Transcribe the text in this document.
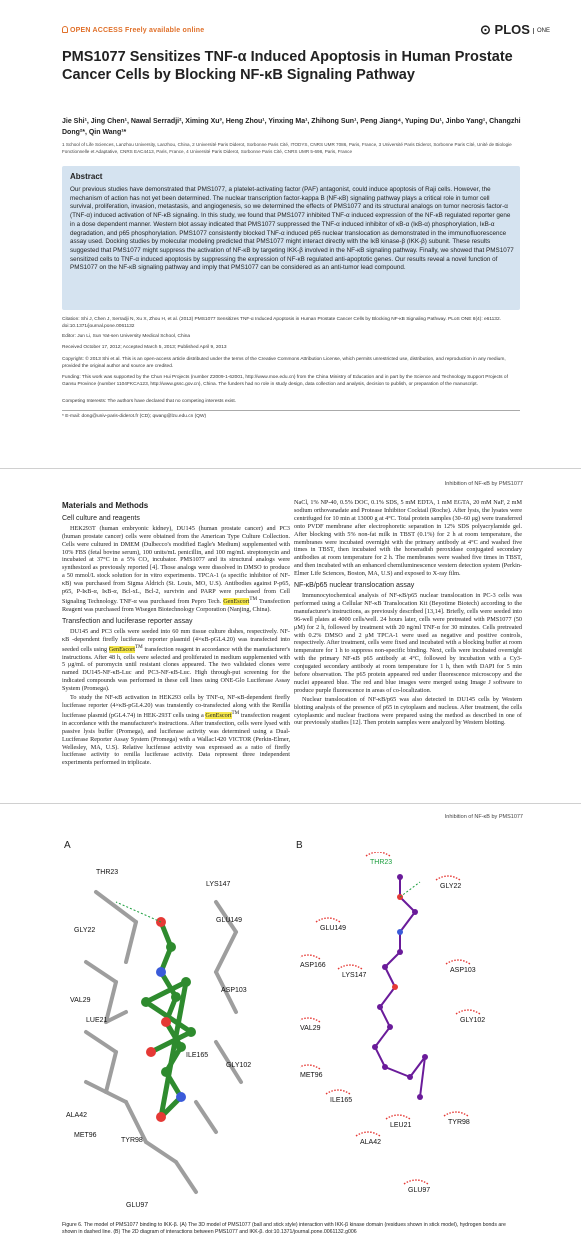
OPEN ACCESS Freely available online	⊙ PLOS ONE
PMS1077 Sensitizes TNF-α Induced Apoptosis in Human Prostate Cancer Cells by Blocking NF-κB Signaling Pathway
Jie Shi¹, Jing Chen¹, Nawal Serradji², Ximing Xu³, Heng Zhou¹, Yinxing Ma¹, Zhihong Sun¹, Peng Jiang⁴, Yuping Du¹, Jinbo Yang¹, Changzhi Dong²*, Qin Wang¹*
1 School of Life Sciences, Lanzhou University, Lanzhou, China, 2 Université Paris Diderot, Sorbonne Paris Cité, ITODYS, CNRS UMR 7086, Paris, France, 3 Université Paris Diderot, Sorbonne Paris Cité, Unité de Biologie Fonctionnelle et Adaptative, CNRS EAC4413, Paris, France, 4 Université Paris Diderot, Sorbonne Paris Cité, CNRS UMR 5-698, Paris, France
Abstract
Our previous studies have demonstrated that PMS1077, a platelet-activating factor (PAF) antagonist, could induce apoptosis of Raji cells. However, the mechanism of action has not yet been determined. The nuclear transcription factor-kappa B (NF-κB) signaling pathway plays a critical role in tumor cell survival, proliferation, invasion, metastasis, and angiogenesis, so we determined the effects of PMS1077 and its structural analogs on tumor necrosis factor-α (TNF-α) induced activation of NF-κB signaling. In this study, we found that PMS1077 inhibited TNF-α induced expression of the NF-κB regulated reporter gene in a dose dependent manner. Western blot assay indicated that PMS1077 suppressed the TNF-α induced inhibitor of κB-α (IκB-α) phosphorylation, IκB-α degradation, and p65 phosphorylation. PMS1077 consistently blocked TNF-α induced p65 nuclear translocation as demonstrated in the immunofluorescence assay used. Docking studies by molecular modeling predicted that PMS1077 might interact directly with the IκB kinase-β (IKK-β) subunit. These results suggested that PMS1077 might suppress the activation of NF-κB by targeting IKK-β involved in the NF-κB signaling pathway. Finally, we showed that PMS1077 sensitized cells to TNF-α induced apoptosis by suppressing the expression of NF-κB regulated anti-apoptotic genes. Our results reveal a novel function of PMS1077 on the NF-κB signaling pathway and imply that PMS1077 can be considered as an anti-tumor lead compound.
Citation: Shi J, Chen J, Serradji N, Xu X, Zhou H, et al. (2013) PMS1077 Sensitizes TNF-α Induced Apoptosis in Human Prostate Cancer Cells by Blocking NF-κB Signaling Pathway. PLoS ONE 8(4): e61132. doi:10.1371/journal.pone.0061132
Editor: Jun Li, Sun Yat-sen University Medical School, China
Received October 17, 2012; Accepted March 5, 2013; Published April 9, 2013
Copyright: © 2013 Shi et al. This is an open-access article distributed under the terms of the Creative Commons Attribution License, which permits unrestricted use, distribution, and reproduction in any medium, provided the original author and source are credited.
Funding: This work was supported by the Chun Hui Projects (number Z2009-1-62001, http://www.moe.edu.cn) from the China Ministry of Education and in part by the Science and Technology Support Projects of Gansu Province (number 1104FKCA123, http://www.gssc.gov.cn), China. The funders had no role in study design, data collection and analysis, decision to publish, or preparation of the manuscript.
Competing Interests: The authors have declared that no competing interests exist.
* E-mail: dong@univ-paris-diderot.fr (CD); qwang@lzu.edu.cn (QW)
Inhibition of NF-κB by PMS1077
Materials and Methods
Cell culture and reagents

HEK293T (human embryonic kidney), DU145 (human prostate cancer) and PC3 (human prostate cancer) cells were obtained from the American Type Culture Collection. Cells were cultured in DMEM (Dulbecco's modified Eagle's Medium) supplemented with 10% FBS (fetal bovine serum), 100 units/mL penicillin, and 100 mg/mL streptomycin and incubated at 37°C in a 5% CO₂ incubator. PMS1077 and its structural analogs were synthesized as previously reported [4]. Those analogs were dissolved in DMSO to produce a 50 mmol/L stock solution for in vitro experiments. TPCA-1 (a specific inhibitor of NF-κB) was purchased from Sigma Aldrich (St. Louis, MO, U.S). Antibodies against P-p65, p65, P-IκB-α, IκB-α, Bcl-xL, Bcl-2, survivin and PARP were purchased from Cell Signaling Technology. TNF-α was purchased from Pepro Tech. GenEscort™ Transfection Reagent was purchased from Wisegen Biotechnology Corporation (Nanjing, China).

Transfection and luciferase reporter assay

DU145 and PC3 cells were seeded into 60 mm tissue culture dishes, respectively. NF-κB -dependent firefly luciferase reporter plasmid (4×κB-pGL4.20) was transfected into seeded cells using GenEscort™ transfection reagent in accordance with the manufacturer's instructions. After 48 h, cells were selected and proliferated in medium supplemented with 5 μg/mL of puromycin until resistant clones appeared. The two validated clones were named DU145-NF-κB-Luc and PC3-NF-κB-Luc. High through-put screening for the indicated compounds was performed in these cell lines using ONE-Glo Luciferase Assay System (Promega).

To study the NF-κB activation in HEK293 cells by TNF-α, NF-κB-dependent firefly luciferase reporter (4×κB-pGL4.20) was transiently co-transfected along with the Renilla luciferase plasmid (pGL4.74) in HEK-293T cells using a GenEscort™ transfection reagent in accordance with the manufacturer's instructions. After transfection, cells were lysed with passive lysis buffer (Promega), and luciferase activity was determined using a Dual-Luciferase Reporter Assay System (Promega) with a Wallac1420 VICTOR (Perkin-Elmer, Wellesley, MA, U.S). Relative luciferase activity was expressed as a ratio of firefly luciferase activity to renilla luciferase activity. Data represent three independent experiments performed in triplicate.

NaCl, 1% NP-40, 0.5% DOC, 0.1% SDS, 5 mM EDTA, 1 mM EGTA, 20 mM NaF, 2 mM sodium orthovanadate and Protease Inhibitor Cocktail (Roche). After lysis, the lysates were centrifuged for 10 min at 13000 g at 4°C. Total protein samples (30–60 μg) were transferred onto PVDF membrane after electrophoretic separation in 12% SDS polyacrylamide gel. After blocking with 5% non-fat milk in TBST (0.1%) for 2 h at room temperature, the membranes were incubated overnight with the primary antibody at 4°C and washed five times in TBST, then incubated with the horseradish peroxidase conjugated secondary antibodies at room temperature for 2 h. The membranes were washed five times in TBST, and then incubated with an enhanced chemiluminescence western detection system (Perkin-Elmer Life Sciences, Boston, MA, U.S) and exposed to X-ray film.

NF-κB/p65 nuclear translocation assay

Immunocytochemical analysis of NF-κB/p65 nuclear translocation in PC-3 cells was performed using a Cellular NF-κB Translocation Kit (Beyotime Biotech) according to the manufacturer's instructions, as previously described [13,14]. Briefly, cells were seeded into 96-well plates at 4000 cells/well. 24 hours later, cells were pretreated with PMS1077 (50 μM) for 2 h, followed by treatment with 20 ng/ml TNF-α for 30 minutes. Cells pretreated with 0.2% DMSO and 2 μM TPCA-1 were used as negative and positive controls, respectively. After treatment, cells were fixed and incubated with a blocking buffer at room temperature for 1 h to suppress non-specific binding. Next, cells were incubated overnight with the primary NF-κB p65 antibody at 4°C, followed by incubation with a Cy3-conjugated secondary antibody at room temperature for 1 h, then with DAPI for 5 min before observation. The p65 protein appeared red under fluorescence microscopy and the nuclei appeared blue. The red and blue images were merged using Image J software to produce purple fluorescence in areas of co-localization.

Nuclear translocation of NF-κB/p65 was also detected in DU145 cells by Western blotting analysis of the presence of p65 in cytoplasm and nucleus. After treatment, the cells cytoplasmic and nuclear fractions were prepared using the method as described in one of our previously studies [12]. Then protein samples were analyzed by Western blotting.

Inhibition of NF-κB by PMS1077
A	B
THR23
LYS147
GLY22
GLU149
VAL29
LUE21
ASP103
ILE165
GLY102
ALA42
MET96
TYR98
GLU97
THR23
GLY22
GLU149
ASP166
ASP103
LYS147
GLY102
VAL29
MET96
ILE165
LEU21
ALA42
TYR98
GLU97
Figure 6. The model of PMS1077 binding to IKK-β. (A) The 3D model of PMS1077 (ball and stick style) interaction with IKK-β kinase domain (residues shown in stick model), hydrogen bonds are shown in dashed line. (B) The 2D diagram of interactions between PMS1077 and IKK-β. doi:10.1371/journal.pone.0061132.g006
